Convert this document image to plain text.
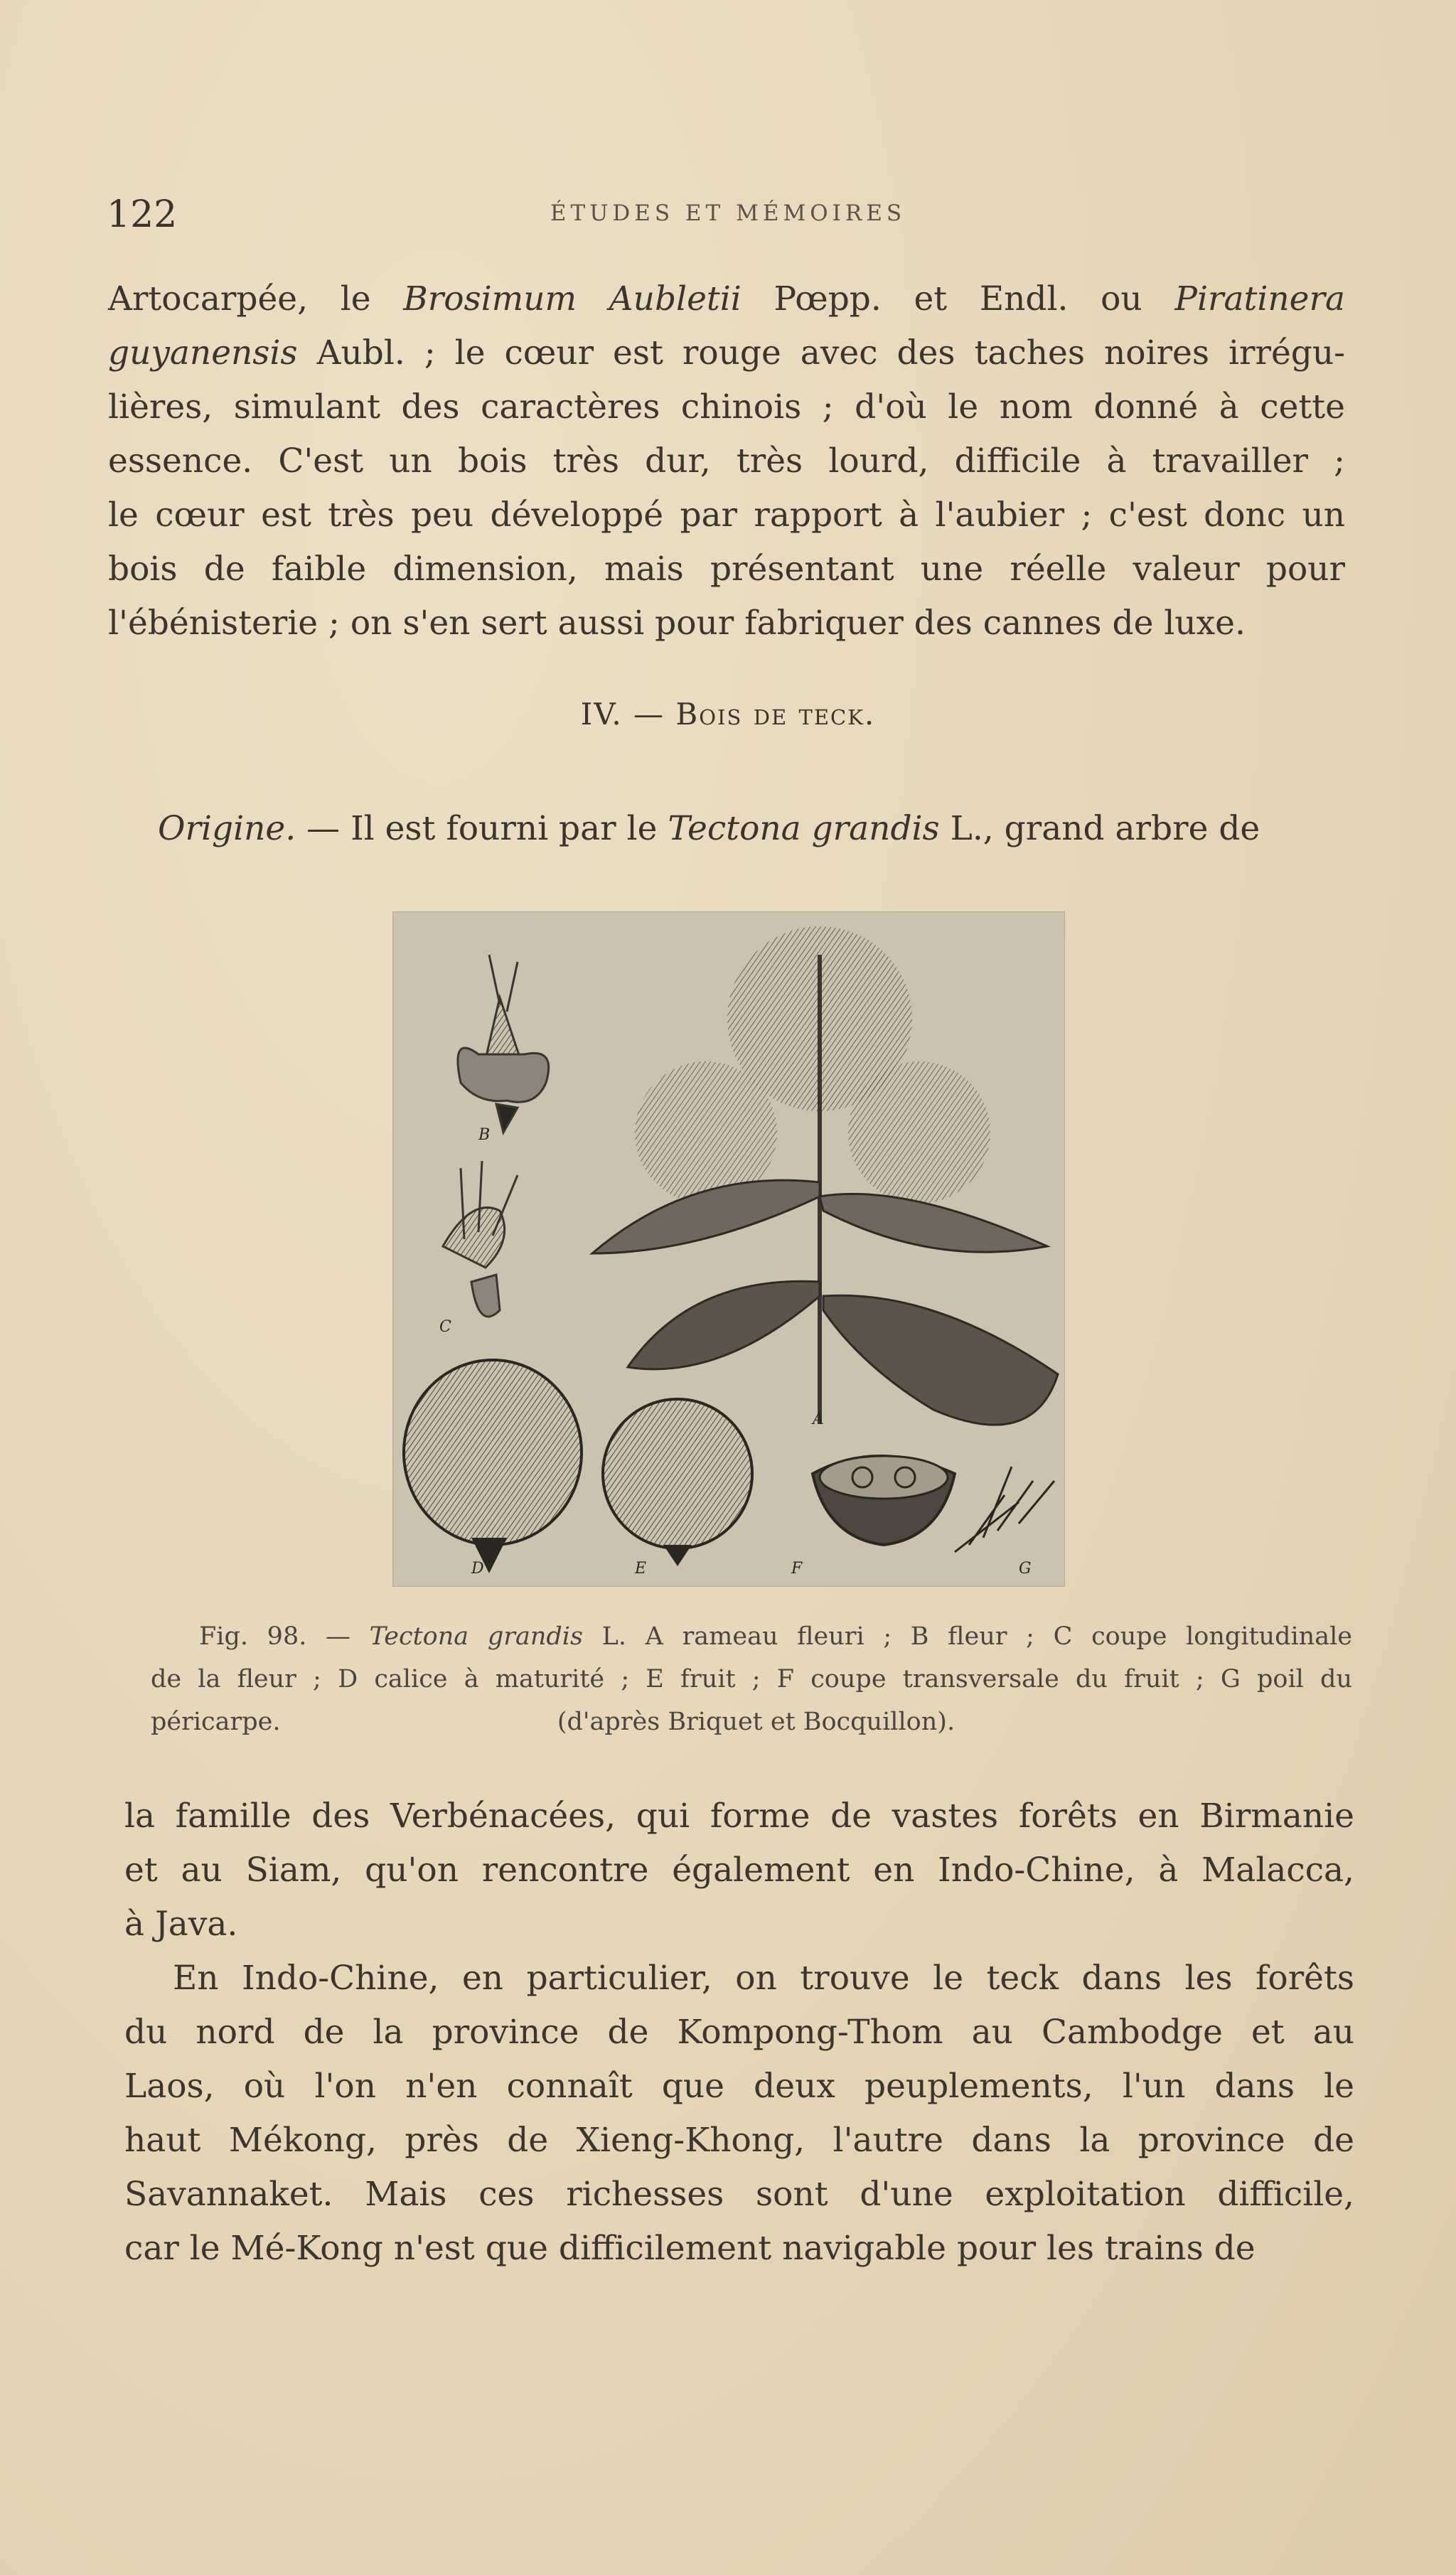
122	ÉTUDES ET MÉMOIRES
Artocarpée, le Brosimum Aubletii Pœpp. et Endl. ou Piratinera
guyanensis Aubl. ; le cœur est rouge avec des taches noires irrégu-
lières, simulant des caractères chinois ; d'où le nom donné à cette
essence. C'est un bois très dur, très lourd, difficile à travailler ;
le cœur est très peu développé par rapport à l'aubier ; c'est donc un
bois de faible dimension, mais présentant une réelle valeur pour
l'ébénisterie ; on s'en sert aussi pour fabriquer des cannes de luxe.
IV. — Bois de teck.
Origine. — Il est fourni par le Tectona grandis L., grand arbre de
B
C
A
D	E	F	G
Fig. 98. — Tectona grandis L. A rameau fleuri ; B fleur ; C coupe longitudinale
de la fleur ; D calice à maturité ; E fruit ; F coupe transversale du fruit ; G poil du
péricarpe.                                   (d'après Briquet et Bocquillon).
la famille des Verbénacées, qui forme de vastes forêts en Birmanie
et au Siam, qu'on rencontre également en Indo-Chine, à Malacca,
à Java.
En Indo-Chine, en particulier, on trouve le teck dans les forêts
du nord de la province de Kompong-Thom au Cambodge et au
Laos, où l'on n'en connaît que deux peuplements, l'un dans le
haut Mékong, près de Xieng-Khong, l'autre dans la province de
Savannaket. Mais ces richesses sont d'une exploitation difficile,
car le Mé-Kong n'est que difficilement navigable pour les trains de
